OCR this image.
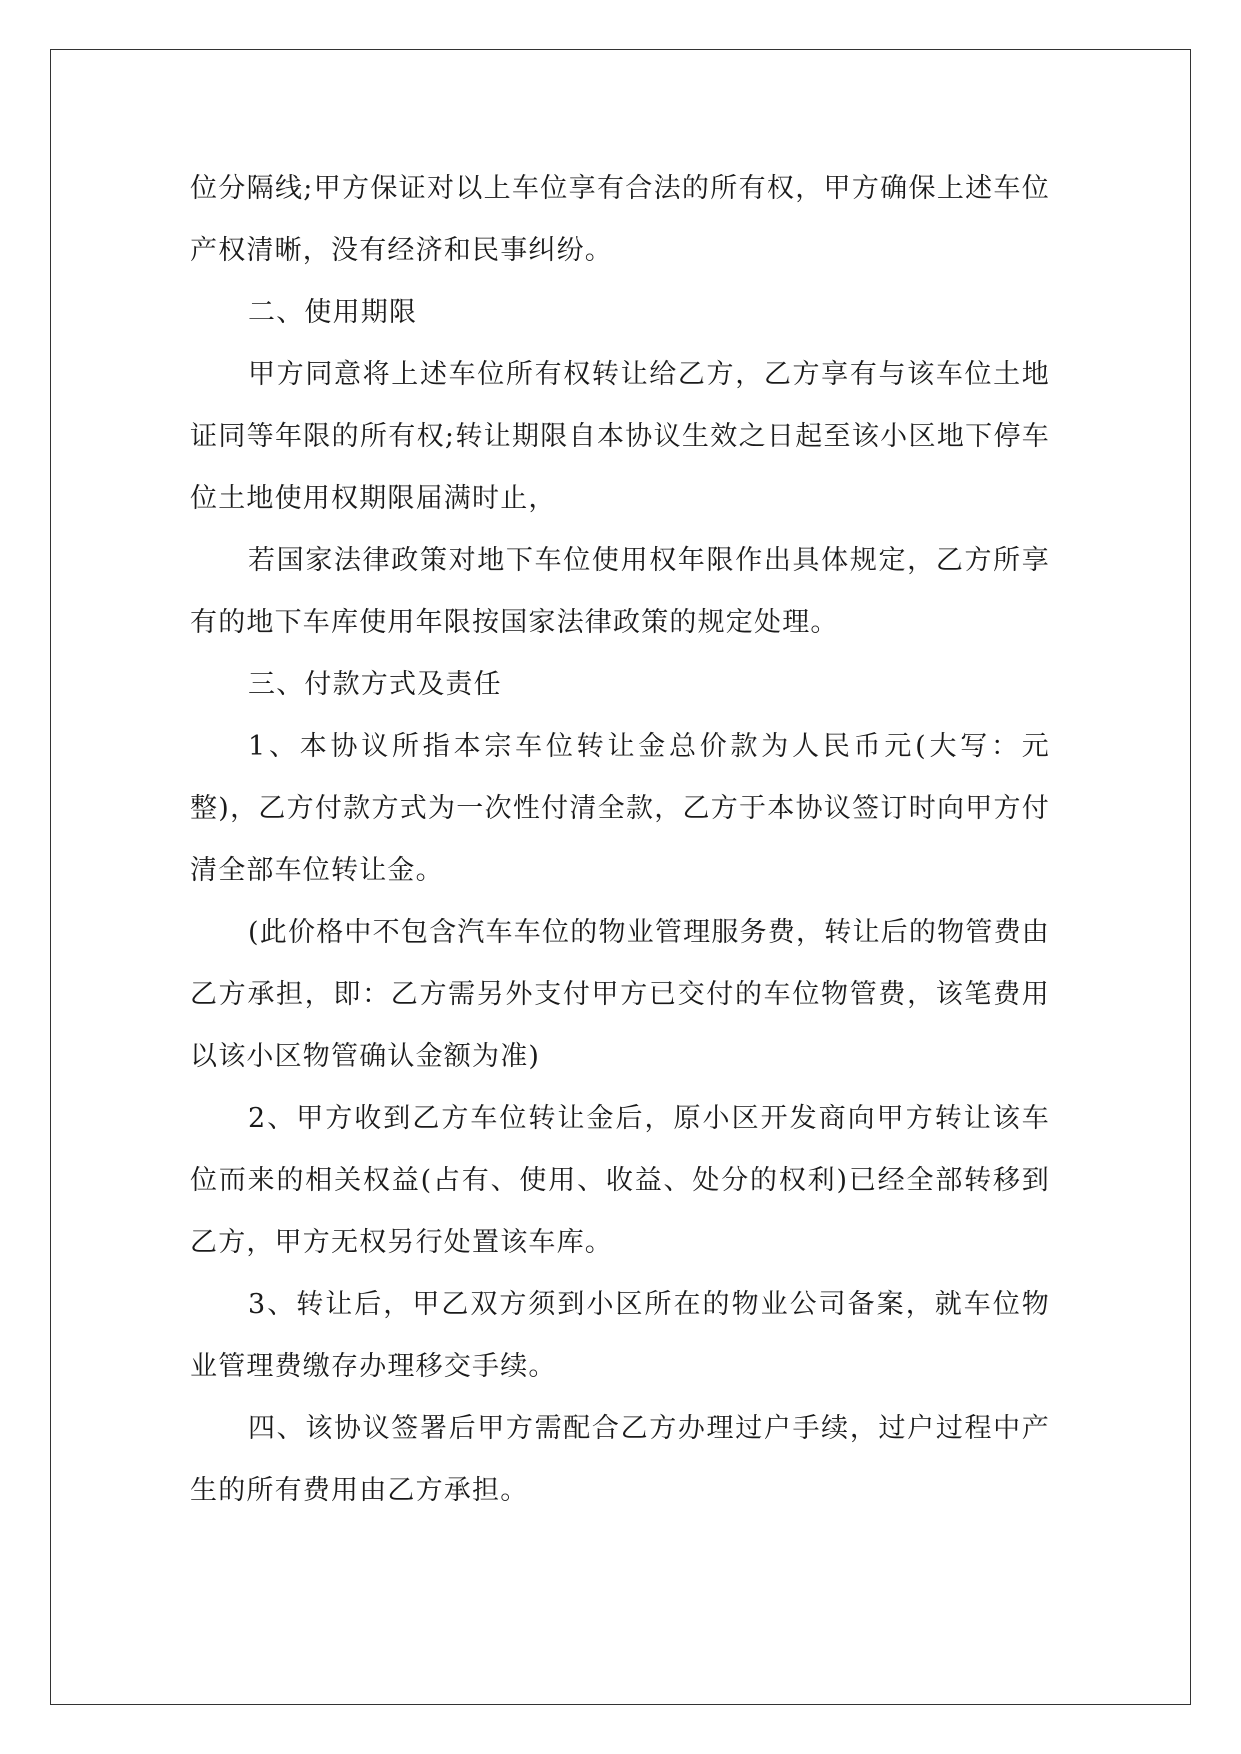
位分隔线;甲方保证对以上车位享有合法的所有权，甲方确保上述车位产权清晰，没有经济和民事纠纷。

二、使用期限

甲方同意将上述车位所有权转让给乙方，乙方享有与该车位土地证同等年限的所有权;转让期限自本协议生效之日起至该小区地下停车位土地使用权期限届满时止，

若国家法律政策对地下车位使用权年限作出具体规定，乙方所享有的地下车库使用年限按国家法律政策的规定处理。

三、付款方式及责任

1、本协议所指本宗车位转让金总价款为人民币元(大写：元整)，乙方付款方式为一次性付清全款，乙方于本协议签订时向甲方付清全部车位转让金。

(此价格中不包含汽车车位的物业管理服务费，转让后的物管费由乙方承担，即：乙方需另外支付甲方已交付的车位物管费，该笔费用以该小区物管确认金额为准)

2、甲方收到乙方车位转让金后，原小区开发商向甲方转让该车位而来的相关权益(占有、使用、收益、处分的权利)已经全部转移到乙方，甲方无权另行处置该车库。

3、转让后，甲乙双方须到小区所在的物业公司备案，就车位物业管理费缴存办理移交手续。

四、该协议签署后甲方需配合乙方办理过户手续，过户过程中产生的所有费用由乙方承担。
